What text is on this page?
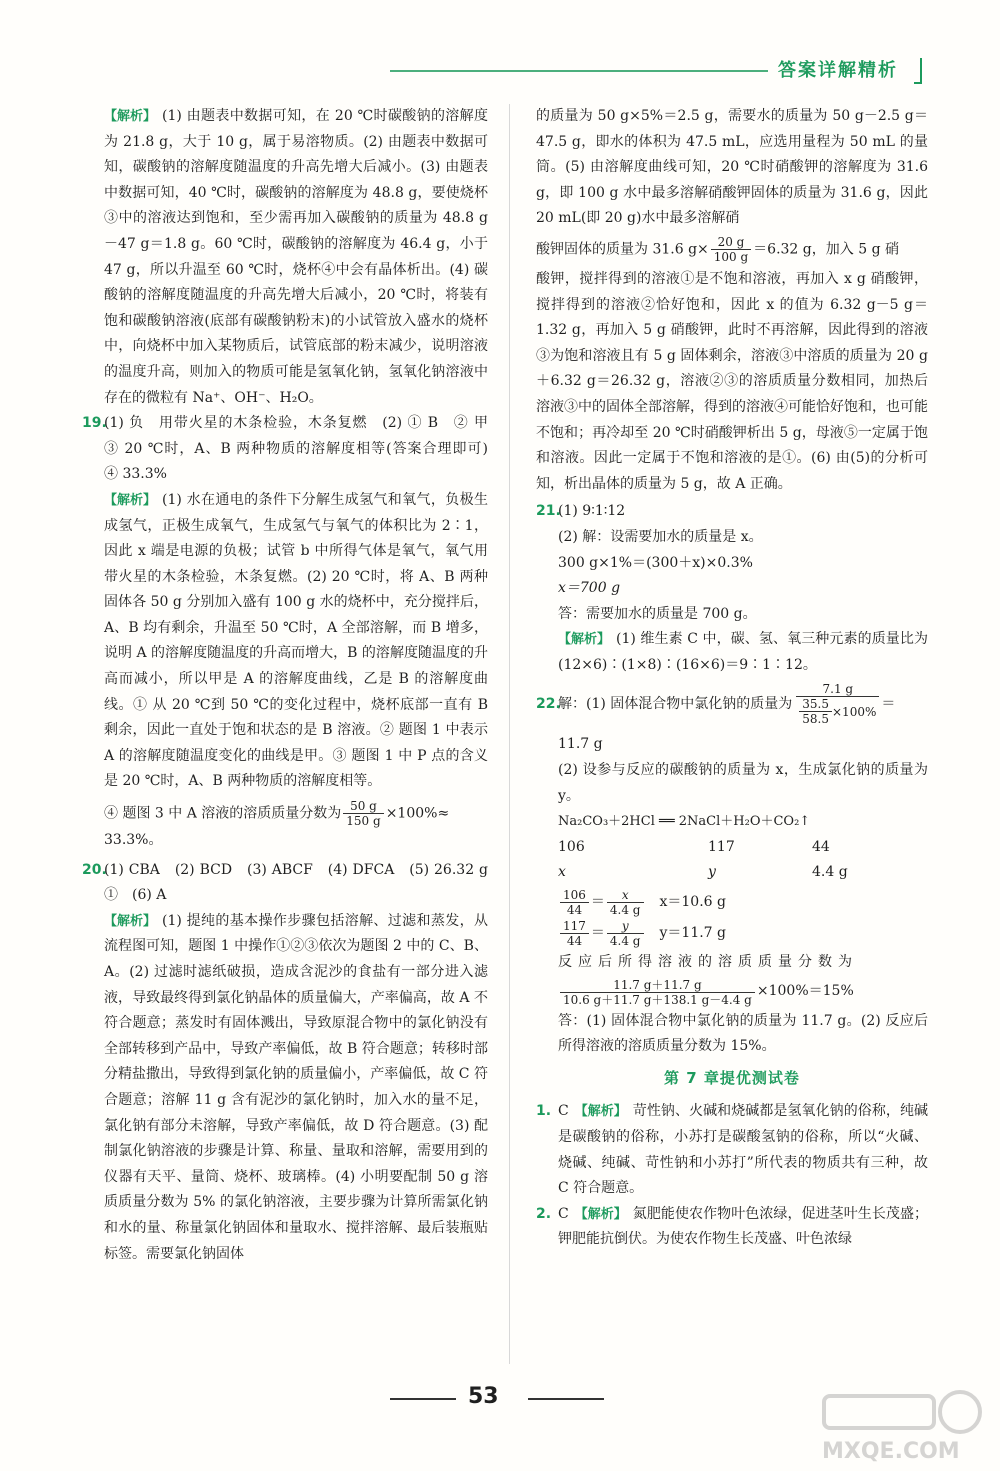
答案详解精析

【解析】 (1) 由题表中数据可知，在 20 ℃时碳酸钠的溶解度为 21.8 g，大于 10 g，属于易溶物质。(2) 由题表中数据可知，碳酸钠的溶解度随温度的升高先增大后减小。(3) 由题表中数据可知，40 ℃时，碳酸钠的溶解度为 48.8 g，要使烧杯③中的溶液达到饱和，至少需再加入碳酸钠的质量为 48.8 g－47 g＝1.8 g。60 ℃时，碳酸钠的溶解度为 46.4 g，小于 47 g，所以升温至 60 ℃时，烧杯④中会有晶体析出。(4) 碳酸钠的溶解度随温度的升高先增大后减小，20 ℃时，将装有饱和碳酸钠溶液(底部有碳酸钠粉末)的小试管放入盛水的烧杯中，向烧杯中加入某物质后，试管底部的粉末减少，说明溶液的温度升高，则加入的物质可能是氢氧化钠，氢氧化钠溶液中存在的微粒有 Na⁺、OH⁻、H₂O。

19.(1) 负　用带火星的木条检验，木条复燃　(2) ① B　② 甲　③ 20 ℃时，A、B 两种物质的溶解度相等(答案合理即可)　④ 33.3%

【解析】 (1) 水在通电的条件下分解生成氢气和氧气，负极生成氢气，正极生成氧气，生成氢气与氧气的体积比为 2∶1，因此 x 端是电源的负极；试管 b 中所得气体是氧气，氧气用带火星的木条检验，木条复燃。(2) 20 ℃时，将 A、B 两种固体各 50 g 分别加入盛有 100 g 水的烧杯中，充分搅拌后，A、B 均有剩余，升温至 50 ℃时，A 全部溶解，而 B 增多，说明 A 的溶解度随温度的升高而增大，B 的溶解度随温度的升高而减小，所以甲是 A 的溶解度曲线，乙是 B 的溶解度曲线。① 从 20 ℃到 50 ℃的变化过程中，烧杯底部一直有 B 剩余，因此一直处于饱和状态的是 B 溶液。② 题图 1 中表示 A 的溶解度随温度变化的曲线是甲。③ 题图 1 中 P 点的含义是 20 ℃时，A、B 两种物质的溶解度相等。

④ 题图 3 中 A 溶液的溶质质量分数为 $\frac{50 g}{150 g} \times 100\%\approx$

33.3%。

20.(1) CBA　(2) BCD　(3) ABCF　(4) DFCA　(5) 26.32 g　①　(6) A

【解析】 (1) 提纯的基本操作步骤包括溶解、过滤和蒸发，从流程图可知，题图 1 中操作①②③依次为题图 2 中的 C、B、A。(2) 过滤时滤纸破损，造成含泥沙的食盐有一部分进入滤液，导致最终得到氯化钠晶体的质量偏大，产率偏高，故 A 不符合题意；蒸发时有固体溅出，导致原混合物中的氯化钠没有全部转移到产品中，导致产率偏低，故 B 符合题意；转移时部分精盐撒出，导致得到氯化钠的质量偏小，产率偏低，故 C 符合题意；溶解 11 g 含有泥沙的氯化钠时，加入水的量不足，氯化钠有部分未溶解，导致产率偏低，故 D 符合题意。(3) 配制氯化钠溶液的步骤是计算、称量、量取和溶解，需要用到的仪器有天平、量筒、烧杯、玻璃棒。(4) 小明要配制 50 g 溶质质量分数为 5% 的氯化钠溶液，主要步骤为计算所需氯化钠和水的量、称量氯化钠固体和量取水、搅拌溶解、最后装瓶贴标签。需要氯化钠固体

的质量为 50 g×5%＝2.5 g，需要水的质量为 50 g－2.5 g＝47.5 g，即水的体积为 47.5 mL，应选用量程为 50 mL 的量筒。(5) 由溶解度曲线可知，20 ℃时硝酸钾的溶解度为 31.6 g，即 100 g 水中最多溶解硝酸钾固体的质量为 31.6 g，因此 20 mL(即 20 g)水中最多溶解硝

酸钾固体的质量为 31.6 $g\times \frac{20 g}{100 g} =6.32$ g，加入 5 g 硝

酸钾，搅拌得到的溶液①是不饱和溶液，再加入 x g 硝酸钾，搅拌得到的溶液②恰好饱和，因此 x 的值为 6.32 g－5 g＝1.32 g，再加入 5 g 硝酸钾，此时不再溶解，因此得到的溶液③为饱和溶液且有 5 g 固体剩余，溶液③中溶质的质量为 20 g＋6.32 g＝26.32 g，溶液②③的溶质质量分数相同，加热后溶液③中的固体全部溶解，得到的溶液④可能恰好饱和，也可能不饱和；再冷却至 20 ℃时硝酸钾析出 5 g，母液⑤一定属于饱和溶液。因此一定属于不饱和溶液的是①。(6) 由(5)的分析可知，析出晶体的质量为 5 g，故 A 正确。

21.(1) 9∶1∶12

(2) 解：设需要加水的质量是 x。

300 g×1%＝(300＋x)×0.3%

x＝700 g

答：需要加水的质量是 700 g。

【解析】 (1) 维生素 C 中，碳、氢、氧三种元素的质量比为(12×6)∶(1×8)∶(16×6)＝9∶1∶12。

22.
解：(1) 固体混合物中氯化钠的质量为 $\frac{7.1 g}{\frac{35.5}{58.5} \times 100\%}$ ＝

11.7 g

(2) 设参与反应的碳酸钠的质量为 x，生成氯化钠的质量为 y。

Na₂CO₃＋2HCl ══ 2NaCl＋H₂O＋CO₂↑

106	117	44
x	y	4.4 g
$\frac{106}{44} = \frac{x}{4.4 g} x=10.6$ g
$\frac{117}{44} = \frac{y}{4.4 g} y=11.7$ g

反应后所得溶液的溶质质量分数为

$\frac{11.7 g+11.7 g}{10.6 g+11.7 g+138.1 g-4.4 g} \times 100\%=15\%$

答：(1) 固体混合物中氯化钠的质量为 11.7 g。(2) 反应后所得溶液的溶质质量分数为 15%。

第 7 章提优测试卷

1. C 【解析】 苛性钠、火碱和烧碱都是氢氧化钠的俗称，纯碱是碳酸钠的俗称，小苏打是碳酸氢钠的俗称，所以“火碱、烧碱、纯碱、苛性钠和小苏打”所代表的物质共有三种，故 C 符合题意。

2. C 【解析】 氮肥能使农作物叶色浓绿，促进茎叶生长茂盛；钾肥能抗倒伏。为使农作物生长茂盛、叶色浓绿

53
MXQE.COM
